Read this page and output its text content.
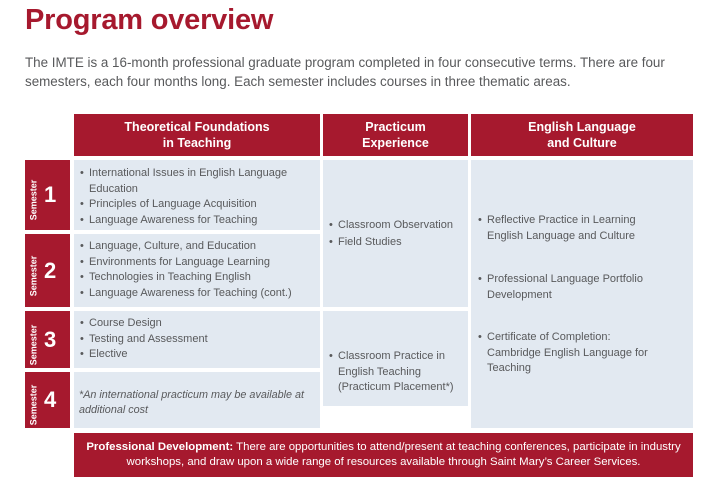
Program overview

The IMTE is a 16-month professional graduate program completed in four consecutive terms. There are four semesters, each four months long. Each semester includes courses in three thematic areas.

Theoretical Foundations
in Teaching
Practicum
Experience
English Language
and Culture
Semester 1
Semester 2
Semester 3
Semester 4
• International Issues in English Language Education
• Principles of Language Acquisition
• Language Awareness for Teaching
• Language, Culture, and Education
• Environments for Language Learning
• Technologies in Teaching English
• Language Awareness for Teaching (cont.)
• Course Design
• Testing and Assessment
• Elective

*An international practicum may be available at additional cost

• Classroom Observation
• Field Studies
• Classroom Practice in English Teaching (Practicum Placement*)
• Reflective Practice in Learning English Language and Culture
• Professional Language Portfolio Development
• Certificate of Completion: Cambridge English Language for Teaching

Professional Development: There are opportunities to attend/present at teaching conferences, participate in industry workshops, and draw upon a wide range of resources available through Saint Mary’s Career Services.
